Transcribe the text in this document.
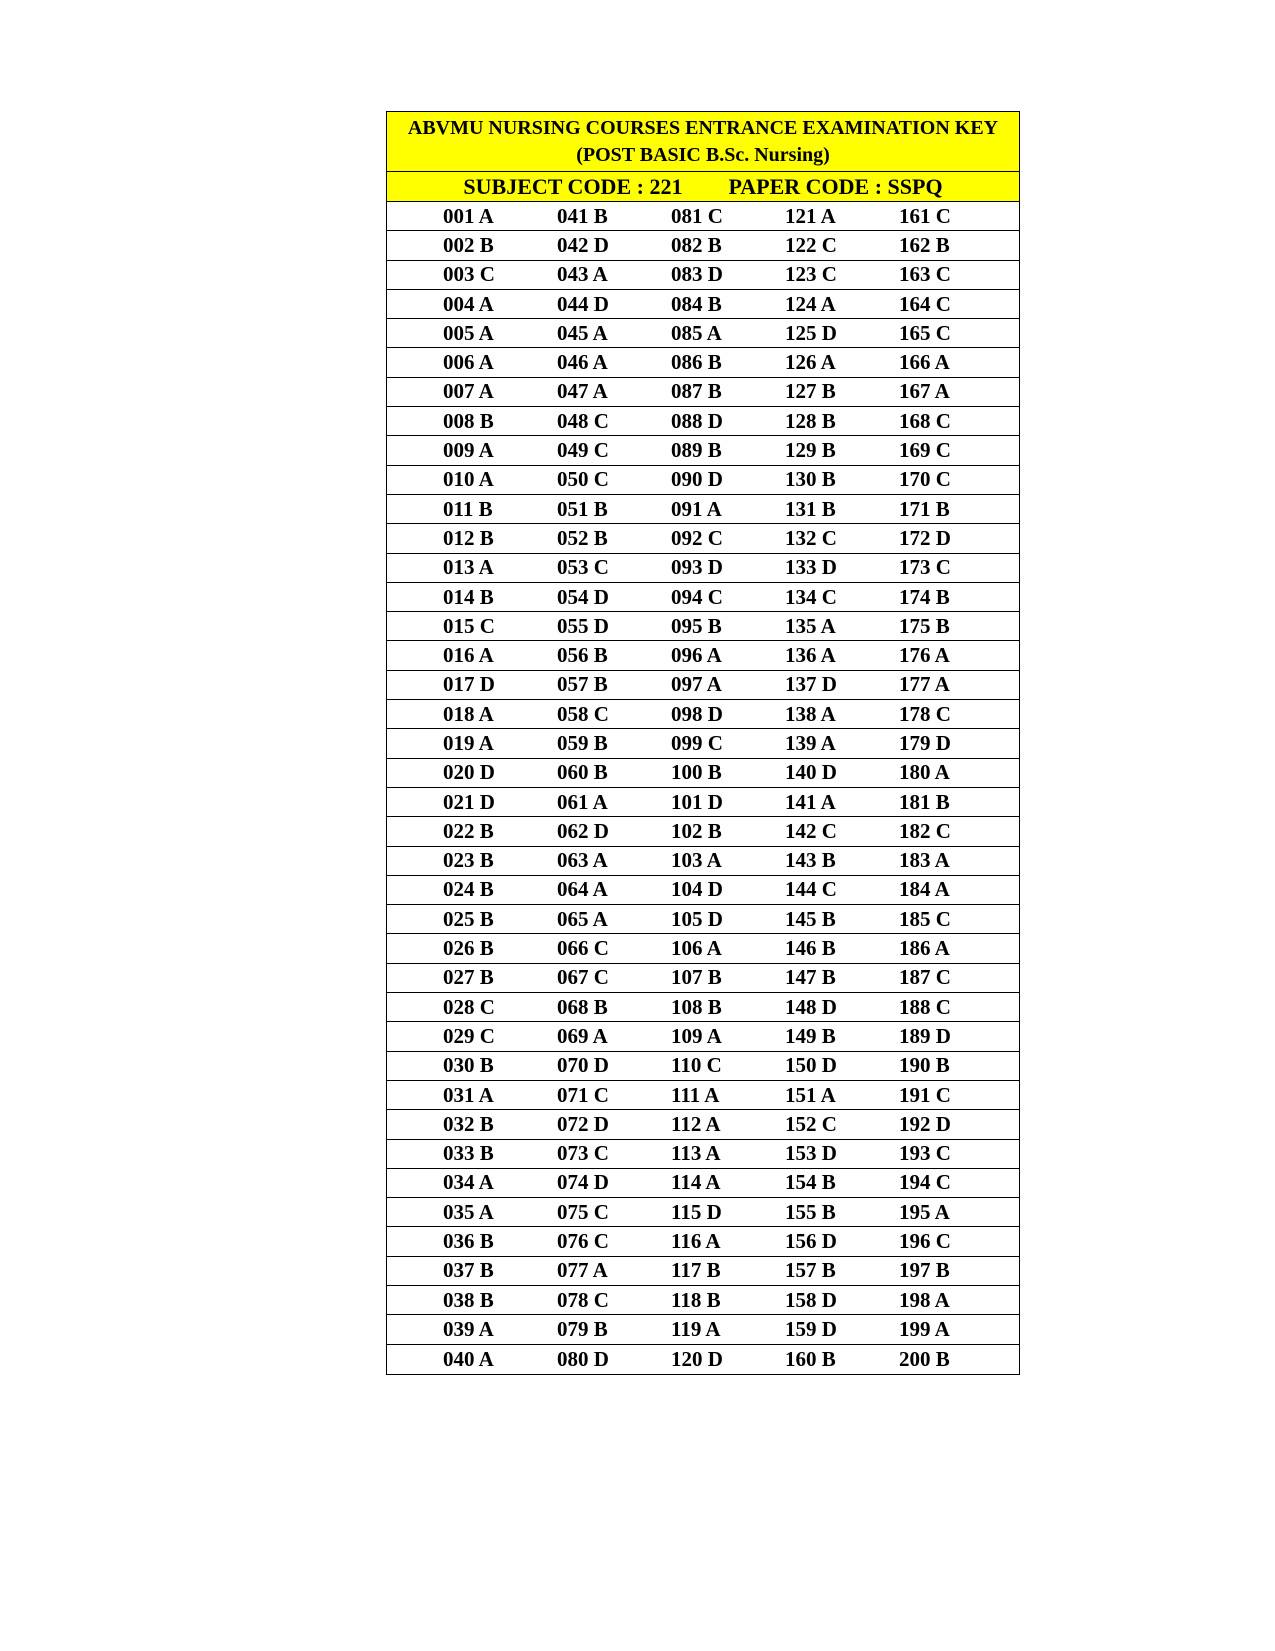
ABVMU NURSING COURSES ENTRANCE EXAMINATION KEY
(POST BASIC B.Sc. Nursing)
SUBJECT CODE : 221 PAPER CODE : SSPQ
001 A	041 B	081 C	121 A	161 C
002 B	042 D	082 B	122 C	162 B
003 C	043 A	083 D	123 C	163 C
004 A	044 D	084 B	124 A	164 C
005 A	045 A	085 A	125 D	165 C
006 A	046 A	086 B	126 A	166 A
007 A	047 A	087 B	127 B	167 A
008 B	048 C	088 D	128 B	168 C
009 A	049 C	089 B	129 B	169 C
010 A	050 C	090 D	130 B	170 C
011 B	051 B	091 A	131 B	171 B
012 B	052 B	092 C	132 C	172 D
013 A	053 C	093 D	133 D	173 C
014 B	054 D	094 C	134 C	174 B
015 C	055 D	095 B	135 A	175 B
016 A	056 B	096 A	136 A	176 A
017 D	057 B	097 A	137 D	177 A
018 A	058 C	098 D	138 A	178 C
019 A	059 B	099 C	139 A	179 D
020 D	060 B	100 B	140 D	180 A
021 D	061 A	101 D	141 A	181 B
022 B	062 D	102 B	142 C	182 C
023 B	063 A	103 A	143 B	183 A
024 B	064 A	104 D	144 C	184 A
025 B	065 A	105 D	145 B	185 C
026 B	066 C	106 A	146 B	186 A
027 B	067 C	107 B	147 B	187 C
028 C	068 B	108 B	148 D	188 C
029 C	069 A	109 A	149 B	189 D
030 B	070 D	110 C	150 D	190 B
031 A	071 C	111 A	151 A	191 C
032 B	072 D	112 A	152 C	192 D
033 B	073 C	113 A	153 D	193 C
034 A	074 D	114 A	154 B	194 C
035 A	075 C	115 D	155 B	195 A
036 B	076 C	116 A	156 D	196 C
037 B	077 A	117 B	157 B	197 B
038 B	078 C	118 B	158 D	198 A
039 A	079 B	119 A	159 D	199 A
040 A	080 D	120 D	160 B	200 B
